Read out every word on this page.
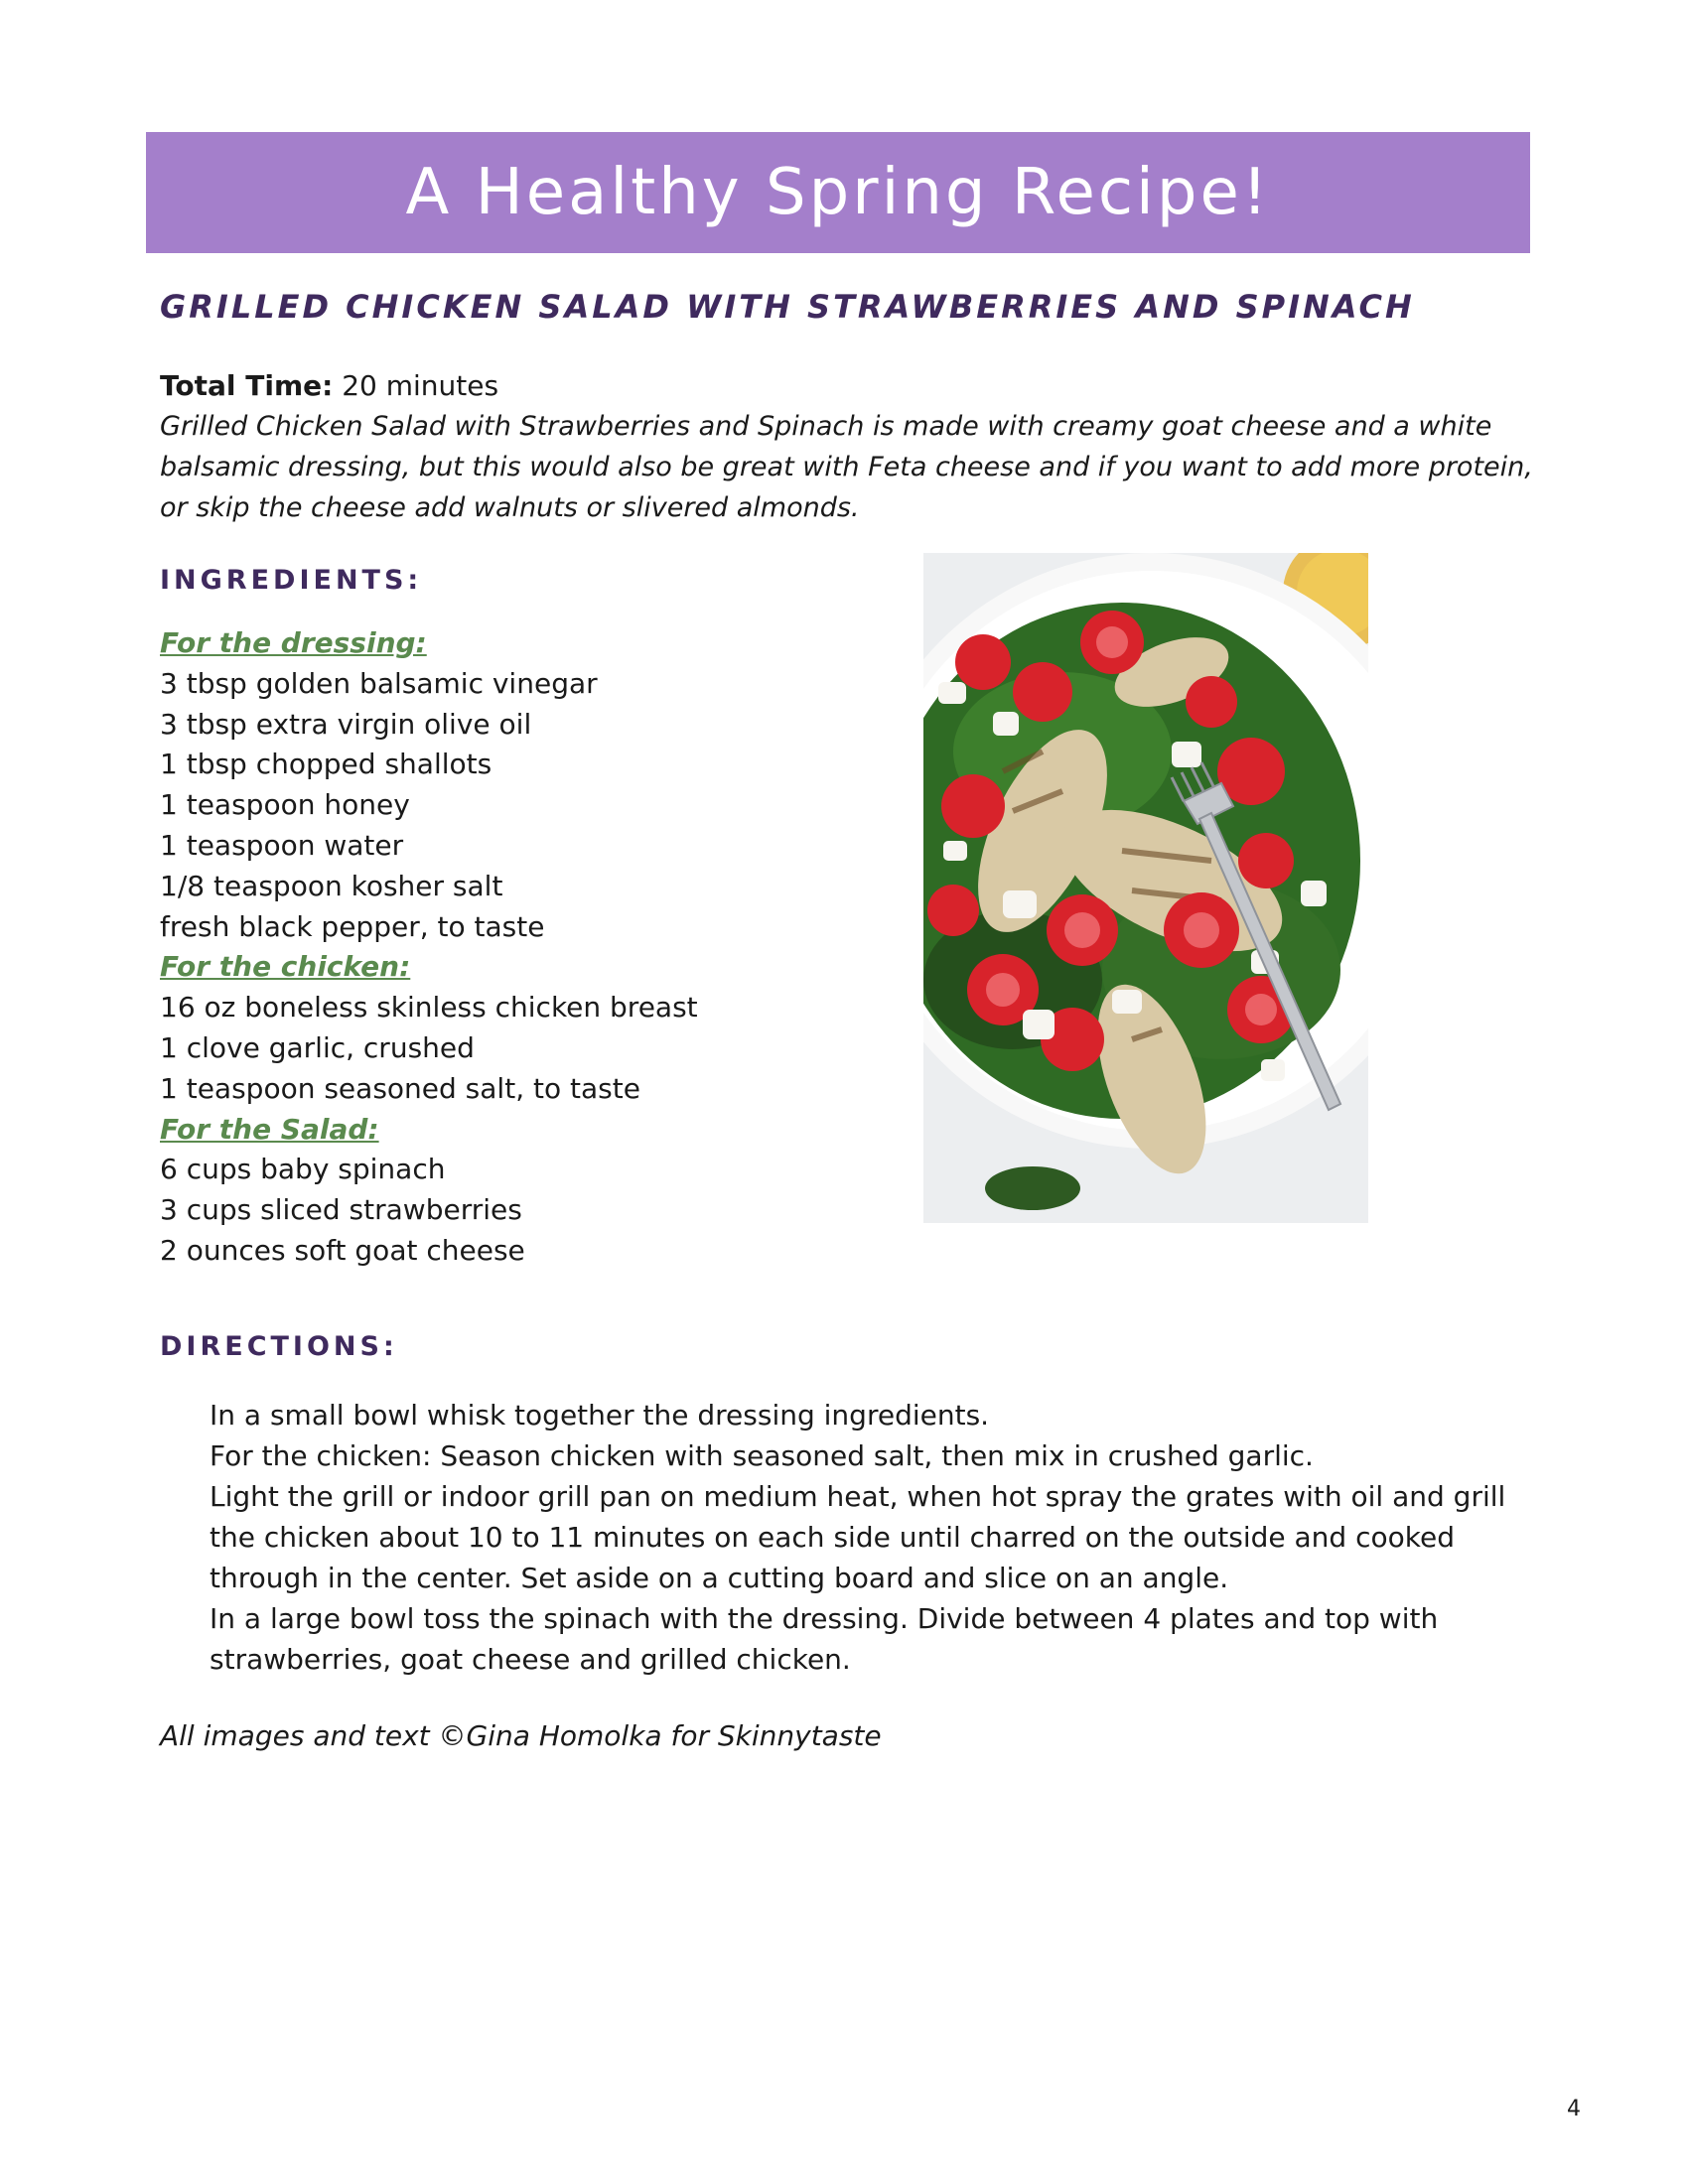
A Healthy Spring Recipe!
GRILLED CHICKEN SALAD WITH STRAWBERRIES AND SPINACH
Total Time: 20 minutes
Grilled Chicken Salad with Strawberries and Spinach is made with creamy goat cheese and a white balsamic dressing, but this would also be great with Feta cheese and if you want to add more protein, or skip the cheese add walnuts or slivered almonds.
INGREDIENTS:
For the dressing:
3 tbsp golden balsamic vinegar
3 tbsp extra virgin olive oil
1 tbsp chopped shallots
1 teaspoon honey
1 teaspoon water
1/8 teaspoon kosher salt
fresh black pepper, to taste
For the chicken:
16 oz boneless skinless chicken breast
1 clove garlic, crushed
1 teaspoon seasoned salt, to taste
For the Salad:
6 cups baby spinach
3 cups sliced strawberries
2 ounces soft goat cheese
DIRECTIONS:

In a small bowl whisk together the dressing ingredients.

For the chicken: Season chicken with seasoned salt, then mix in crushed garlic.

Light the grill or indoor grill pan on medium heat, when hot spray the grates with oil and grill the chicken about 10 to 11 minutes on each side until charred on the outside and cooked through in the center. Set aside on a cutting board and slice on an angle.

In a large bowl toss the spinach with the dressing. Divide between 4 plates and top with strawberries, goat cheese and grilled chicken.

All images and text ©Gina Homolka for Skinnytaste
4
